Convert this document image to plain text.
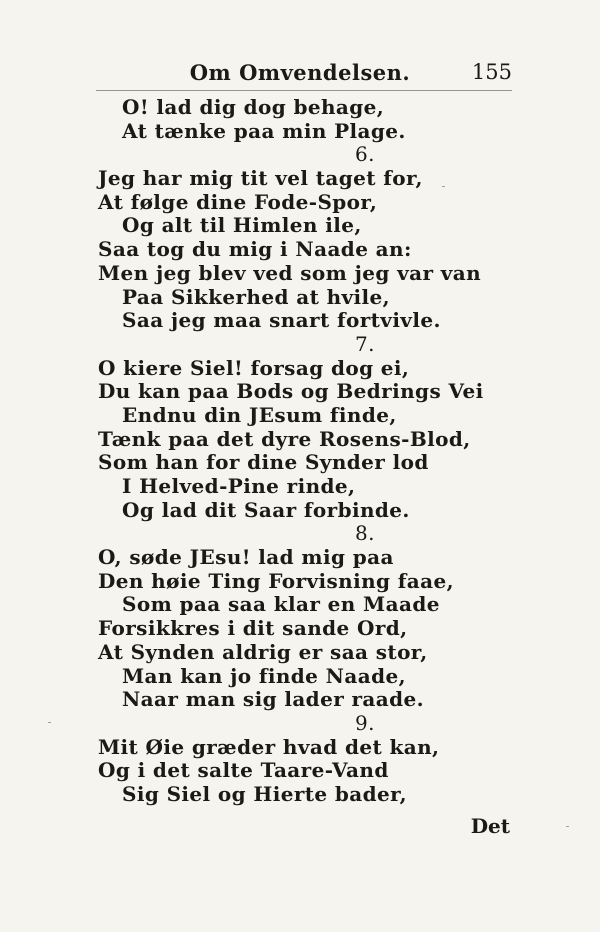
Om Omvendelsen.	155
O! lad dig dog behage,
At tænke paa min Plage.
6.
Jeg har mig tit vel taget for,
At følge dine Fode-Spor,
Og alt til Himlen ile,
Saa tog du mig i Naade an:
Men jeg blev ved som jeg var van
Paa Sikkerhed at hvile,
Saa jeg maa snart fortvivle.
7.
O kiere Siel! forsag dog ei,
Du kan paa Bods og Bedrings Vei
Endnu din JEsum finde,
Tænk paa det dyre Rosens-Blod,
Som han for dine Synder lod
I Helved-Pine rinde,
Og lad dit Saar forbinde.
8.
O, søde JEsu! lad mig paa
Den høie Ting Forvisning faae,
Som paa saa klar en Maade
Forsikkres i dit sande Ord,
At Synden aldrig er saa stor,
Man kan jo finde Naade,
Naar man sig lader raade.
9.
Mit Øie græder hvad det kan,
Og i det salte Taare-Vand
Sig Siel og Hierte bader,
Det
